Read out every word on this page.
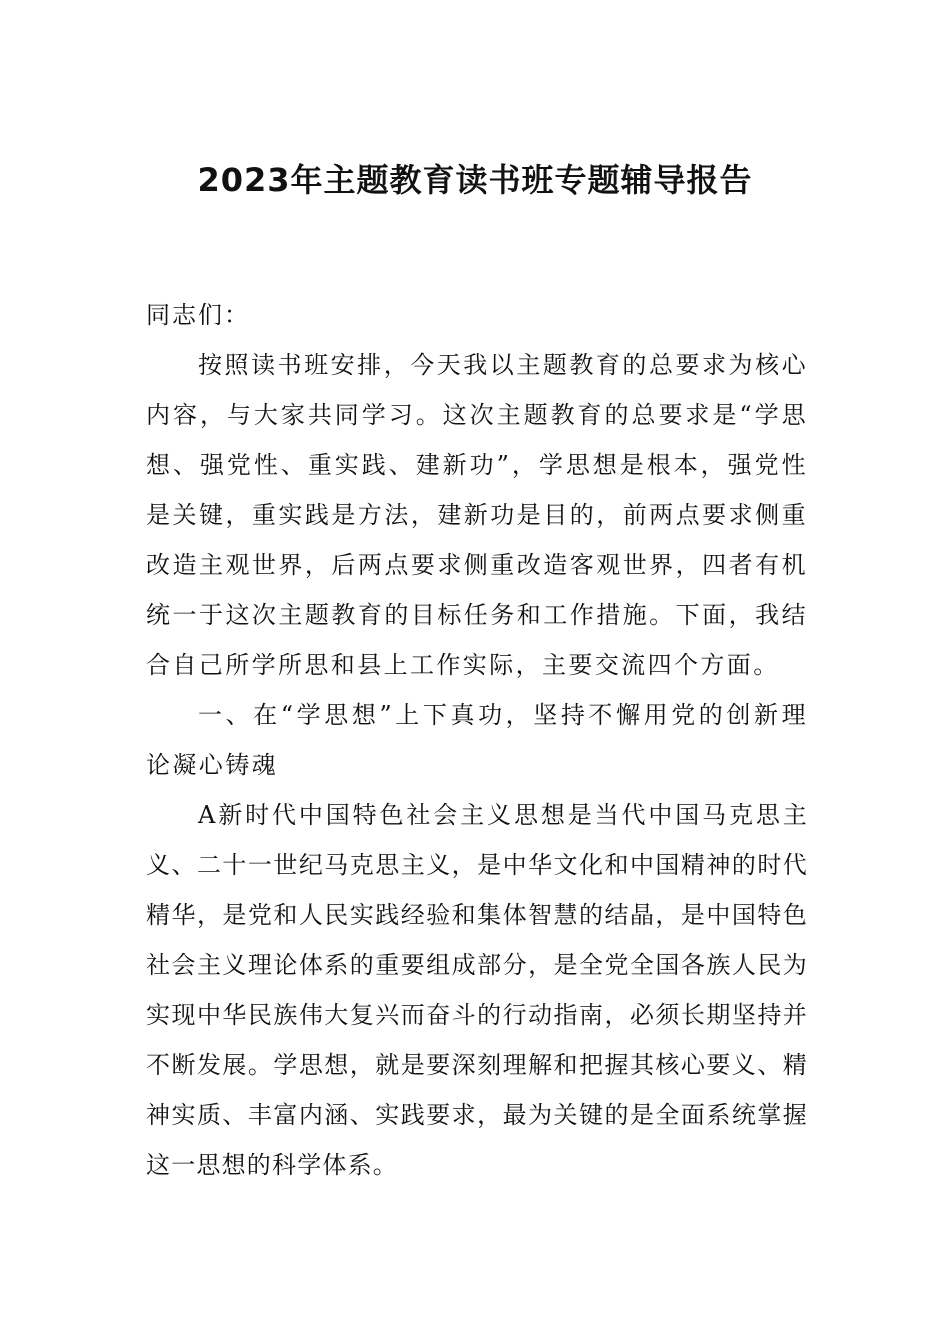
2023年主题教育读书班专题辅导报告

同志们：

按照读书班安排，今天我以主题教育的总要求为核心内容，与大家共同学习。这次主题教育的总要求是“学思想、强党性、重实践、建新功”，学思想是根本，强党性是关键，重实践是方法，建新功是目的，前两点要求侧重改造主观世界，后两点要求侧重改造客观世界，四者有机统一于这次主题教育的目标任务和工作措施。下面，我结合自己所学所思和县上工作实际，主要交流四个方面。

一、在“学思想”上下真功，坚持不懈用党的创新理论凝心铸魂

A新时代中国特色社会主义思想是当代中国马克思主义、二十一世纪马克思主义，是中华文化和中国精神的时代精华，是党和人民实践经验和集体智慧的结晶，是中国特色社会主义理论体系的重要组成部分，是全党全国各族人民为实现中华民族伟大复兴而奋斗的行动指南，必须长期坚持并不断发展。学思想，就是要深刻理解和把握其核心要义、精神实质、丰富内涵、实践要求，最为关键的是全面系统掌握这一思想的科学体系。
